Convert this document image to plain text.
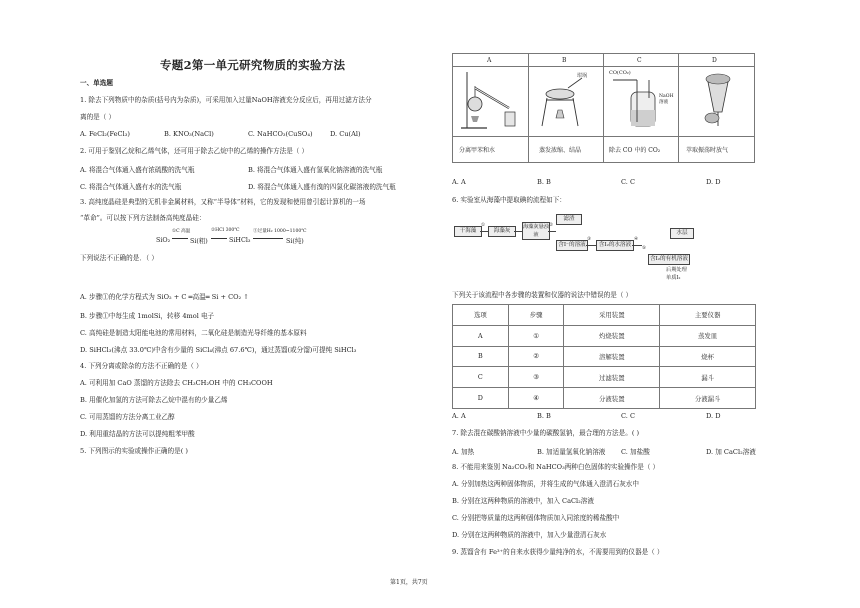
专题2第一单元研究物质的实验方法
一、单选题
1. 除去下列物质中的杂质(括号内为杂质)，可采用加入过量NaOH溶液充分反应后，再用过滤方法分
离的是（ ）
A. FeCl₂(FeCl₃)	B. KNO₃(NaCl)	C. NaHCO₃(CuSO₄)	D. Cu(Al)
2. 可用于鉴别乙烷和乙烯气体，还可用于除去乙烷中的乙烯的操作方法是（ ）
A. 将混合气体通入盛有浓硫酸的洗气瓶	B. 将混合气体通入盛有氢氧化钠溶液的洗气瓶
C. 将混合气体通入盛有水的洗气瓶	D. 将混合气体通入盛有溴的四氯化碳溶液的洗气瓶
3. 高纯度晶硅是典型的无机非金属材料，又称“半导体”材料，它的发现和使用曾引起计算机的一场
“革命”。可以按下列方法制备高纯度晶硅：
SiO₂
①C 高温
Si(粗)
②HCl 300℃
SiHCl₃
③过量H₂ 1000~1100℃
Si(纯)
下列说法不正确的是．（ ）
A. 步骤①的化学方程式为 SiO₂ + C ═高温═ Si + CO₂ ↑
B. 步骤①中每生成 1molSi，转移 4mol 电子
C. 高纯硅是制造太阳能电池的常用材料，二氧化硅是制造光导纤维的基本原料
D. SiHCl₃(沸点 33.0℃)中含有少量的 SiCl₄(沸点 67.6℃)，通过蒸馏(或分馏)可提纯 SiHCl₃
4. 下列分离或除杂的方法不正确的是（ ）
A. 可利用加 CaO 蒸馏的方法除去 CH₃CH₂OH 中的 CH₃COOH
B. 用催化加氢的方法可除去乙烷中混有的少量乙烯
C. 可用蒸馏的方法分离工业乙醇
D. 利用重结晶的方法可以提纯粗苯甲酸
5. 下列图示的实验或操作正确的是( )
A	B	C	D
坩埚	CO(CO₂)
NaOH 溶液
分离甲苯和水	蒸发浓缩、结晶	除去 CO 中的 CO₂	萃取振荡时放气
A. A	B. B	C. C	D. D
6. 实验室从海藻中提取碘的流程如下：
干海藻	海藻灰
海藻灰悬浊液
滤渣
含I⁻的溶液	含I₂的水溶液
水层
含I₂的有机溶液
后期处理
单质I₂
①	②
③	④
⑤
下列关于该流程中各步骤的装置和仪器的说法中错误的是（ ）
选项	步骤	采用装置	主要仪器
A	①	灼烧装置	蒸发皿
B	②	溶解装置	烧杯
C	③	过滤装置	漏斗
D	④	分液装置	分液漏斗
A. A	B. B	C. C	D. D
7. 除去混在碳酸钠溶液中少量的碳酸氢钠，最合理的方法是。( )
A. 加热	B. 加适量氢氧化钠溶液 C. 加盐酸	D. 加 CaCl₂溶液
8. 不能用来鉴别 Na₂CO₃和 NaHCO₃两种白色固体的实验操作是（ ）
A. 分别加热这两种固体物质，并将生成的气体通入澄清石灰水中
B. 分别在这两种物质的溶液中，加入 CaCl₂溶液
C. 分别把等质量的这两种固体物质加入同浓度的稀盐酸中
D. 分别在这两种物质的溶液中，加入少量澄清石灰水
9. 蒸馏含有 Fe³⁺的自来水获得少量纯净的水，不需要用到的仪器是（ ）
第1页，共7页
